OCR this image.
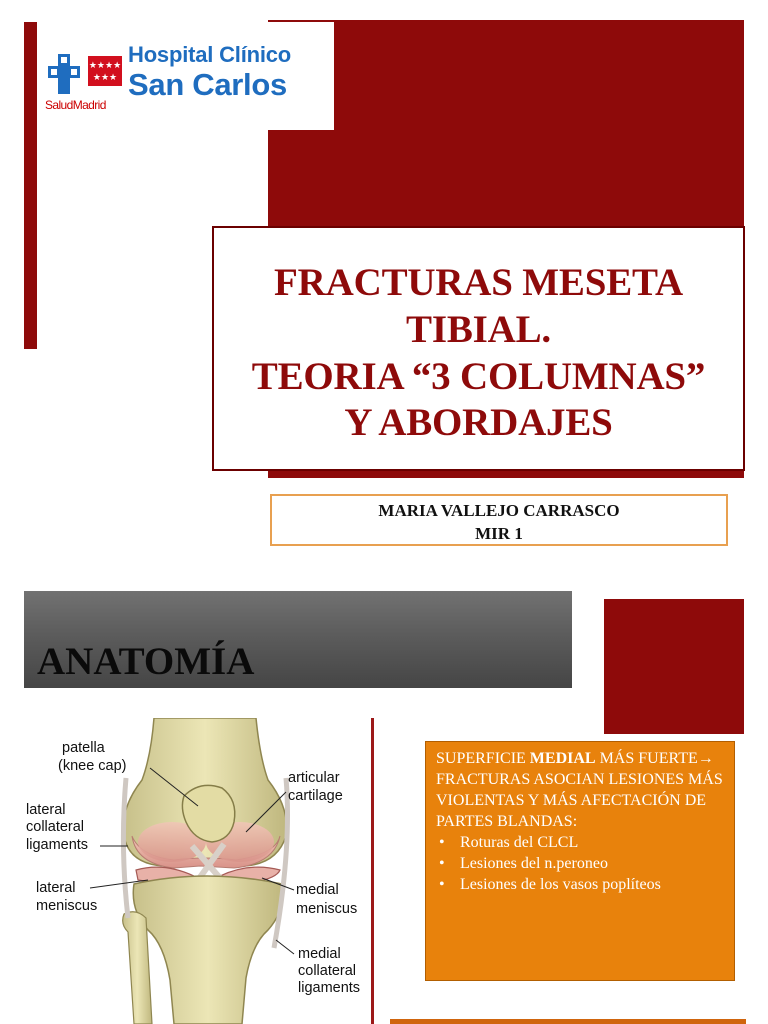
★★★★
★★★
Hospital Clínico
San Carlos
SaludMadrid
FRACTURAS MESETA
TIBIAL.
TEORIA “3 COLUMNAS”
Y ABORDAJES
MARIA VALLEJO CARRASCO
MIR 1
ANATOMÍA
patella
(knee cap)
articular
cartilage
lateral
collateral
ligaments
lateral
meniscus
medial
meniscus
medial
collateral
ligaments
SUPERFICIE MEDIAL MÁS FUERTE→ FRACTURAS ASOCIAN LESIONES MÁS VIOLENTAS Y MÁS AFECTACIÓN DE PARTES BLANDAS:
• Roturas del CLCL
• Lesiones del n.peroneo
• Lesiones de los vasos poplíteos
